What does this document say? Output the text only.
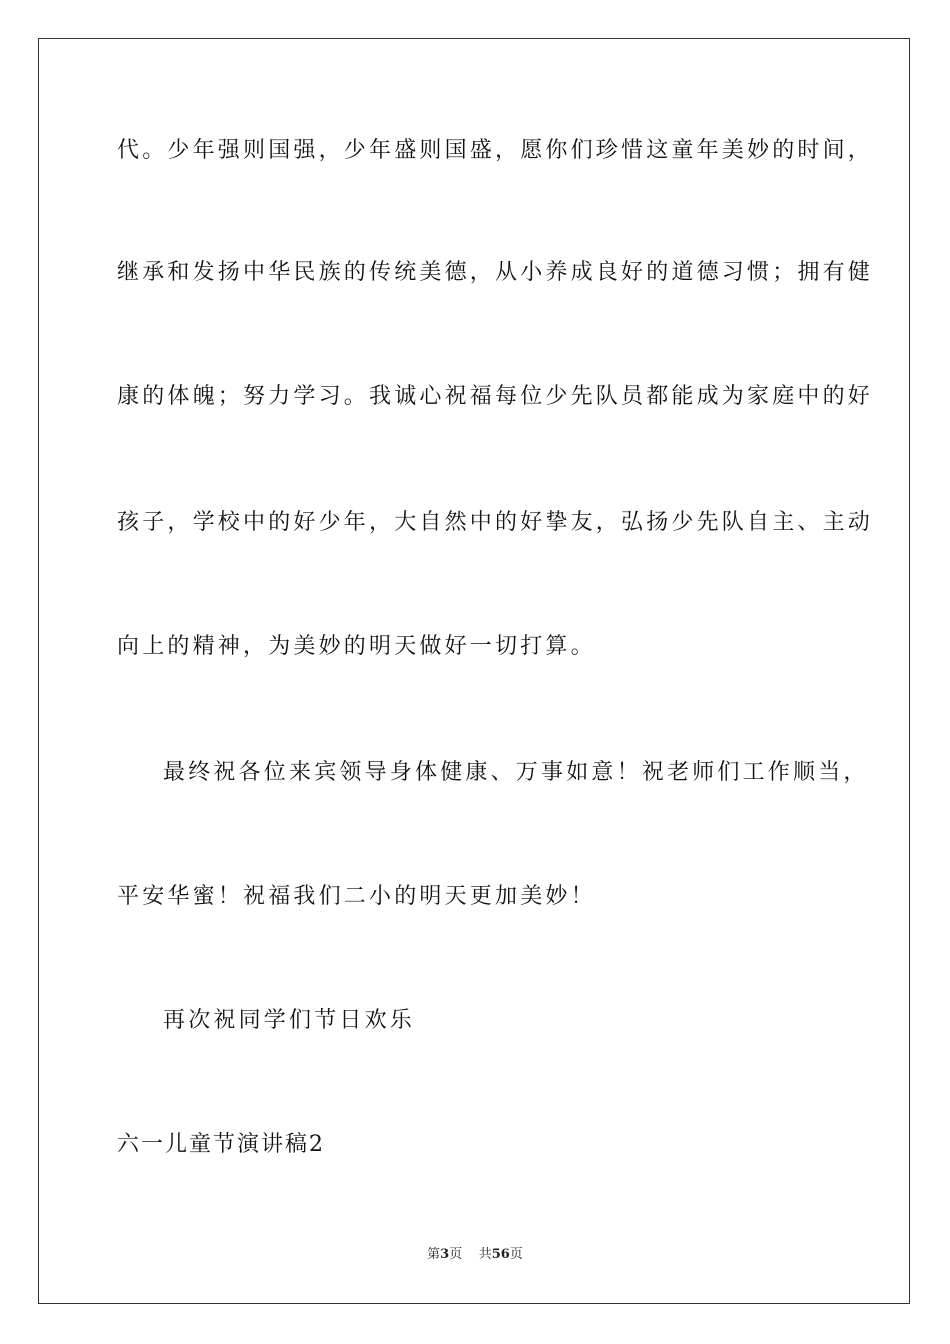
代。少年强则国强，少年盛则国盛，愿你们珍惜这童年美妙的时间，
继承和发扬中华民族的传统美德，从小养成良好的道德习惯；拥有健
康的体魄；努力学习。我诚心祝福每位少先队员都能成为家庭中的好
孩子，学校中的好少年，大自然中的好挚友，弘扬少先队自主、主动
向上的精神，为美妙的明天做好一切打算。
最终祝各位来宾领导身体健康、万事如意！祝老师们工作顺当，
平安华蜜！祝福我们二小的明天更加美妙！
再次祝同学们节日欢乐
六一儿童节演讲稿2
第3页 共56页
